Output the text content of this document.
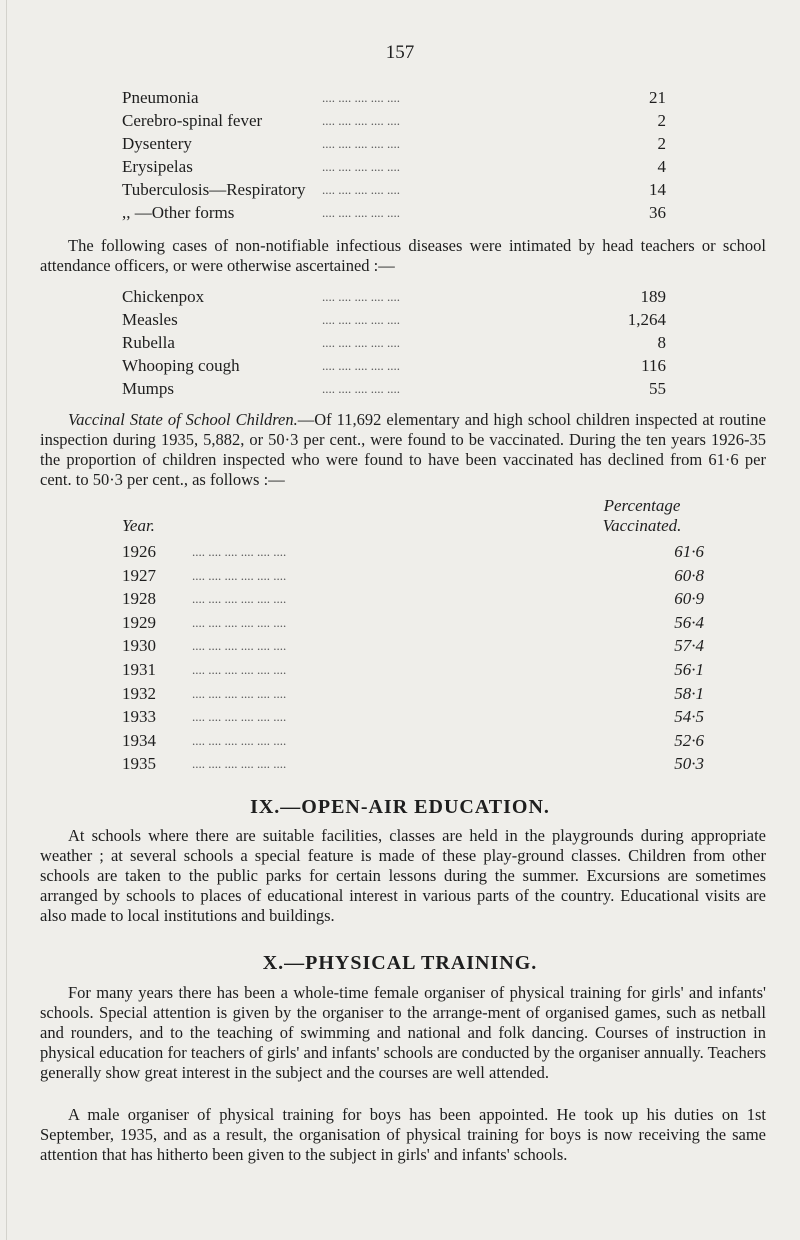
157
Pneumonia	.... .... .... .... ....	21
Cerebro-spinal fever	.... .... .... .... ....	2
Dysentery	.... .... .... .... ....	2
Erysipelas	.... .... .... .... ....	4
Tuberculosis—Respiratory .... .... .... .... ....	14
,, —Other forms	.... .... .... .... ....	36
The following cases of non-notifiable infectious diseases were intimated by head teachers or school attendance officers, or were otherwise ascertained :—
Chickenpox	.... .... .... .... ....	189
Measles	.... .... .... .... ....	1,264
Rubella	.... .... .... .... ....	8
Whooping cough	.... .... .... .... ....	116
Mumps	.... .... .... .... ....	55
Vaccinal State of School Children.—Of 11,692 elementary and high school children inspected at routine inspection during 1935, 5,882, or 50·3 per cent., were found to be vaccinated. During the ten years 1926-35 the proportion of children inspected who were found to have been vaccinated has declined from 61·6 per cent. to 50·3 per cent., as follows :—
Percentage
Year.	Vaccinated.
1926	.... .... .... .... .... ....	61·6
1927	.... .... .... .... .... ....	60·8
1928	.... .... .... .... .... ....	60·9
1929	.... .... .... .... .... ....	56·4
1930	.... .... .... .... .... ....	57·4
1931	.... .... .... .... .... ....	56·1
1932	.... .... .... .... .... ....	58·1
1933	.... .... .... .... .... ....	54·5
1934	.... .... .... .... .... ....	52·6
1935	.... .... .... .... .... ....	50·3
IX.—OPEN-AIR EDUCATION.
At schools where there are suitable facilities, classes are held in the playgrounds during appropriate weather ; at several schools a special feature is made of these play-ground classes. Children from other schools are taken to the public parks for certain lessons during the summer. Excursions are sometimes arranged by schools to places of educational interest in various parts of the country. Educational visits are also made to local institutions and buildings.
X.—PHYSICAL TRAINING.
For many years there has been a whole-time female organiser of physical training for girls' and infants' schools. Special attention is given by the organiser to the arrange-ment of organised games, such as netball and rounders, and to the teaching of swimming and national and folk dancing. Courses of instruction in physical education for teachers of girls' and infants' schools are conducted by the organiser annually. Teachers generally show great interest in the subject and the courses are well attended.
A male organiser of physical training for boys has been appointed. He took up his duties on 1st September, 1935, and as a result, the organisation of physical training for boys is now receiving the same attention that has hitherto been given to the subject in girls' and infants' schools.
